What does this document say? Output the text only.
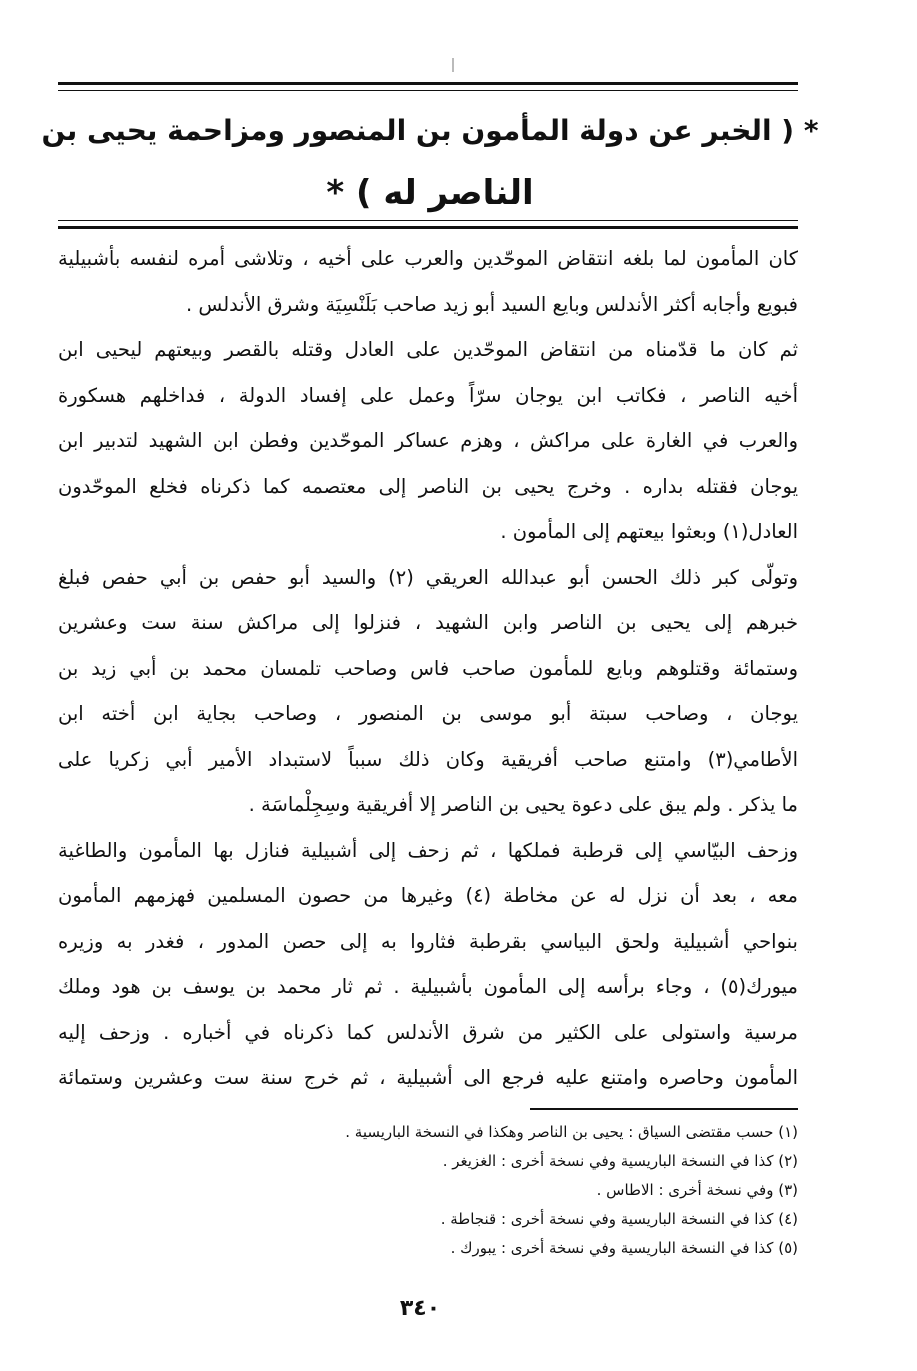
* ( الخبر عن دولة المأمون بن المنصور ومزاحمة يحيى بن
الناصر له ) *
كان المأمون لما بلغه انتقاض الموحّدين والعرب على أخيه ، وتلاشى أمره لنفسه بأشبيلية
فبويع وأجابه أكثر الأندلس وبايع السيد أبو زيد صاحب بَلَنْسِيَة وشرق الأندلس .
ثم كان ما قدّمناه من انتقاض الموحّدين على العادل وقتله بالقصر وبيعتهم ليحيى ابن
أخيه الناصر ، فكاتب ابن يوجان سرّاً وعمل على إفساد الدولة ، فداخلهم هسكورة
والعرب في الغارة على مراكش ، وهزم عساكر الموحّدين وفطن ابن الشهيد لتدبير ابن
يوجان فقتله بداره . وخرج يحيى بن الناصر إلى معتصمه كما ذكرناه فخلع الموحّدون
العادل(١) وبعثوا بيعتهم إلى المأمون .
وتولّى كبر ذلك الحسن أبو عبدالله العريقي (٢) والسيد أبو حفص بن أبي حفص فبلغ
خبرهم إلى يحيى بن الناصر وابن الشهيد ، فنزلوا إلى مراكش سنة ست وعشرين
وستمائة وقتلوهم وبايع للمأمون صاحب فاس وصاحب تلمسان محمد بن أبي زيد بن
يوجان ، وصاحب سبتة أبو موسى بن المنصور ، وصاحب بجاية ابن أخته ابن
الأطامي(٣) وامتنع صاحب أفريقية وكان ذلك سبباً لاستبداد الأمير أبي زكريا على
ما يذكر . ولم يبق على دعوة يحيى بن الناصر إلا أفريقية وسِجِلْماسَة .
وزحف البيّاسي إلى قرطبة فملكها ، ثم زحف إلى أشبيلية فنازل بها المأمون والطاغية
معه ، بعد أن نزل له عن مخاطة (٤) وغيرها من حصون المسلمين فهزمهم المأمون
بنواحي أشبيلية ولحق البياسي بقرطبة فثاروا به إلى حصن المدور ، فغدر به وزيره
ميورك(٥) ، وجاء برأسه إلى المأمون بأشبيلية . ثم ثار محمد بن يوسف بن هود وملك
مرسية واستولى على الكثير من شرق الأندلس كما ذكرناه في أخباره . وزحف إليه
المأمون وحاصره وامتنع عليه فرجع الى أشبيلية ، ثم خرج سنة ست وعشرين وستمائة
(١) حسب مقتضى السياق : يحيى بن الناصر وهكذا في النسخة الباريسية .
(٢) كذا في النسخة الباريسية وفي نسخة أخرى : الغزيغر .
(٣) وفي نسخة أخرى : الاطاس .
(٤) كذا في النسخة الباريسية وفي نسخة أخرى : قنجاطة .
(٥) كذا في النسخة الباريسية وفي نسخة أخرى : يبورك .
٣٤٠
